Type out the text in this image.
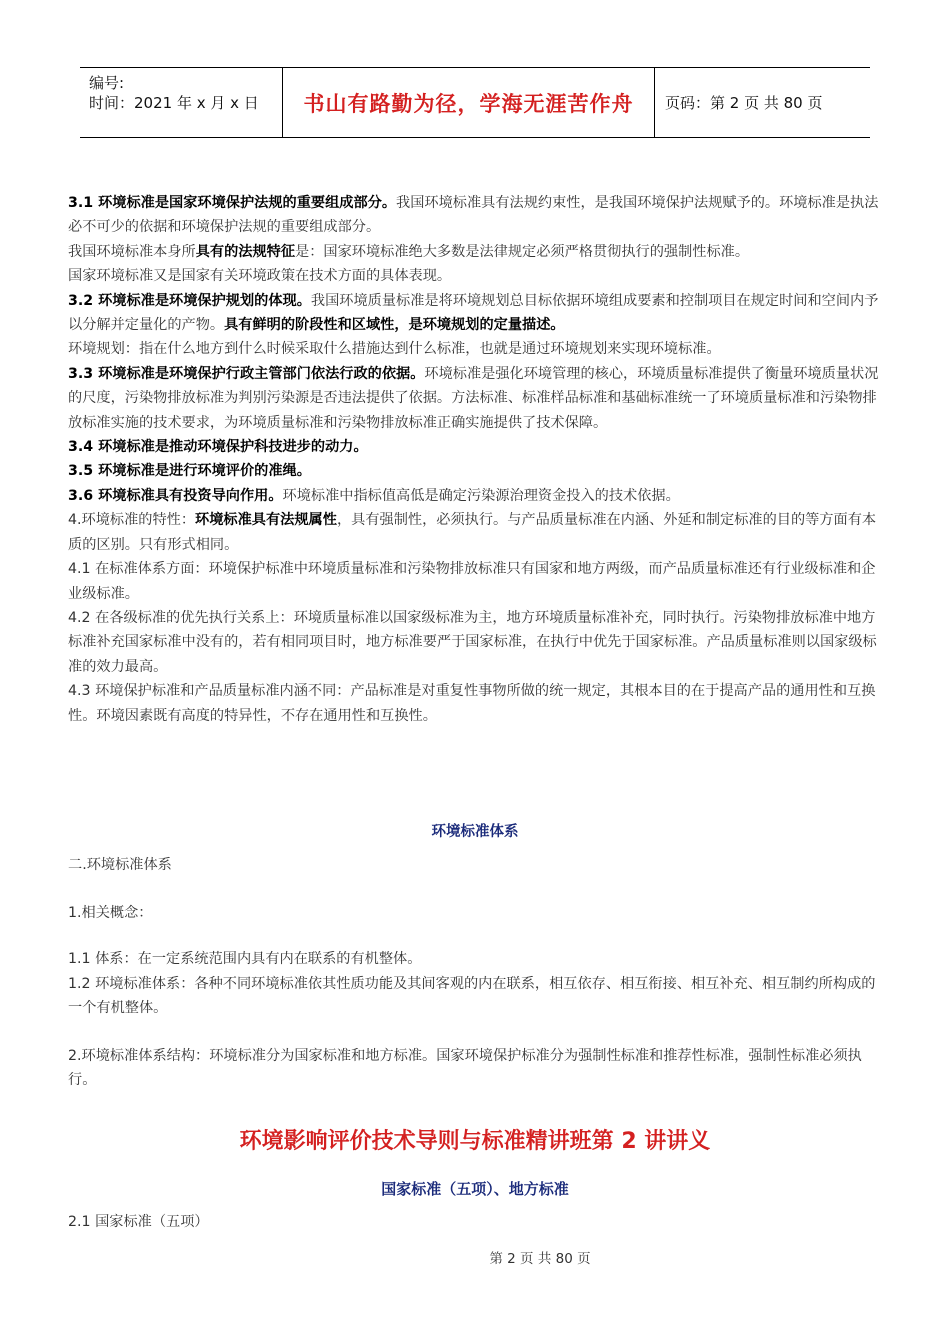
编号:
时间：2021 年 x 月 x 日	书山有路勤为径，学海无涯苦作舟	页码：第 2 页 共 80 页

3.1 环境标准是国家环境保护法规的重要组成部分。我国环境标准具有法规约束性，是我国环境保护法规赋予的。环境标准是执法必不可少的依据和环境保护法规的重要组成部分。

我国环境标准本身所具有的法规特征是：国家环境标准绝大多数是法律规定必须严格贯彻执行的强制性标准。

国家环境标准又是国家有关环境政策在技术方面的具体表现。

3.2 环境标准是环境保护规划的体现。我国环境质量标准是将环境规划总目标依据环境组成要素和控制项目在规定时间和空间内予以分解并定量化的产物。具有鲜明的阶段性和区域性，是环境规划的定量描述。

环境规划：指在什么地方到什么时候采取什么措施达到什么标准，也就是通过环境规划来实现环境标准。

3.3 环境标准是环境保护行政主管部门依法行政的依据。环境标准是强化环境管理的核心，环境质量标准提供了衡量环境质量状况的尺度，污染物排放标准为判别污染源是否违法提供了依据。方法标准、标准样品标准和基础标准统一了环境质量标准和污染物排放标准实施的技术要求，为环境质量标准和污染物排放标准正确实施提供了技术保障。

3.4 环境标准是推动环境保护科技进步的动力。

3.5 环境标准是进行环境评价的准绳。

3.6 环境标准具有投资导向作用。环境标准中指标值高低是确定污染源治理资金投入的技术依据。

4.环境标准的特性：环境标准具有法规属性，具有强制性，必须执行。与产品质量标准在内涵、外延和制定标准的目的等方面有本质的区别。只有形式相同。

4.1 在标准体系方面：环境保护标准中环境质量标准和污染物排放标准只有国家和地方两级，而产品质量标准还有行业级标准和企业级标准。

4.2 在各级标准的优先执行关系上：环境质量标准以国家级标准为主，地方环境质量标准补充，同时执行。污染物排放标准中地方标准补充国家标准中没有的，若有相同项目时，地方标准要严于国家标准，在执行中优先于国家标准。产品质量标准则以国家级标准的效力最高。

4.3 环境保护标准和产品质量标准内涵不同：产品标准是对重复性事物所做的统一规定，其根本目的在于提高产品的通用性和互换性。环境因素既有高度的特异性，不存在通用性和互换性。

环境标准体系
二.环境标准体系
1.相关概念：
1.1 体系：在一定系统范围内具有内在联系的有机整体。
1.2 环境标准体系：各种不同环境标准依其性质功能及其间客观的内在联系，相互依存、相互衔接、相互补充、相互制约所构成的一个有机整体。
2.环境标准体系结构：环境标准分为国家标准和地方标准。国家环境保护标准分为强制性标准和推荐性标准，强制性标准必须执行。
环境影响评价技术导则与标准精讲班第 2 讲讲义
国家标准（五项）、地方标准
2.1 国家标准（五项）
第 2 页 共 80 页
